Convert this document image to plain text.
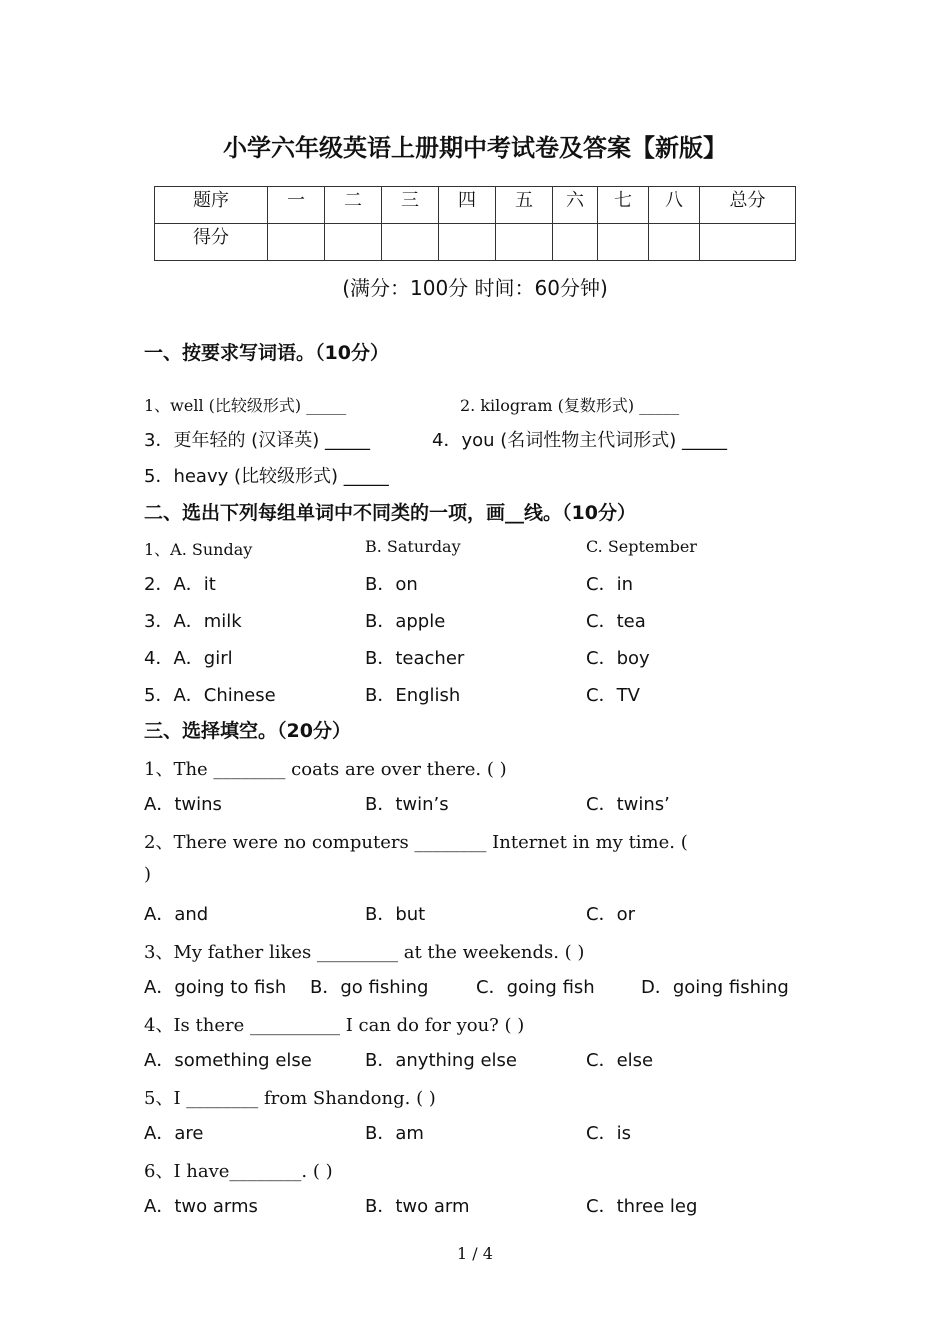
小学六年级英语上册期中考试卷及答案【新版】
题序	一	二	三	四	五	六	七	八	总分
得分									
(满分：100分 时间：60分钟)
一、按要求写词语。（10分）
1、well (比较级形式) _____	2. kilogram (复数形式) _____
3．更年轻的 (汉译英) _____	4．you (名词性物主代词形式) _____
5．heavy (比较级形式) _____
二、选出下列每组单词中不同类的一项，画__线。（10分）
1、A. Sunday	B. Saturday	C. September
2．A．it	B．on	C．in
3．A．milk	B．apple	C．tea
4．A．girl	B．teacher	C．boy
5．A．Chinese	B．English	C．TV
三、选择填空。（20分）
1、The ________ coats are over there. ( )
A．twins	B．twin’s	C．twins’
2、There were no computers ________ Internet in my time. (
)
A．and	B．but	C．or
3、My father likes _________ at the weekends. ( )
A．going to fish B．go fishing	C．going fish	D．going fishing
4、Is there __________ I can do for you? ( )
A．something else	B．anything else	C．else
5、I ________ from Shandong. ( )
A．are	B．am	C．is
6、I have________. ( )
A．two arms	B．two arm	C．three leg
1 / 4
